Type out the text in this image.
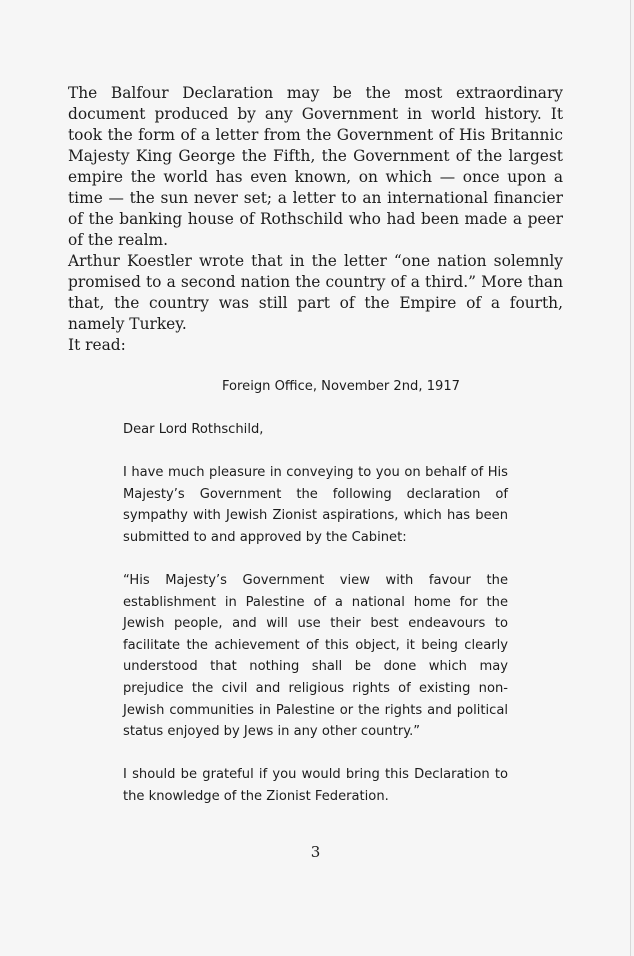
The Balfour Declaration may be the most extraordinary document produced by any Government in world history. It took the form of a letter from the Government of His Britannic Majesty King George the Fifth, the Government of the largest empire the world has even known, on which — once upon a time — the sun never set; a letter to an international financier of the banking house of Rothschild who had been made a peer of the realm.

Arthur Koestler wrote that in the letter “one nation solemnly promised to a second nation the country of a third.” More than that, the country was still part of the Empire of a fourth, namely Turkey.

It read:

Foreign Office, November 2nd, 1917

Dear Lord Rothschild,

I have much pleasure in conveying to you on behalf of His Majesty’s Government the following declaration of sympathy with Jewish Zionist aspirations, which has been submitted to and approved by the Cabinet:

“His Majesty’s Government view with favour the establishment in Palestine of a national home for the Jewish people, and will use their best endeavours to facilitate the achievement of this object, it being clearly understood that nothing shall be done which may prejudice the civil and religious rights of existing non-Jewish communities in Palestine or the rights and political status enjoyed by Jews in any other country.”

I should be grateful if you would bring this Declaration to the knowledge of the Zionist Federation.

3
